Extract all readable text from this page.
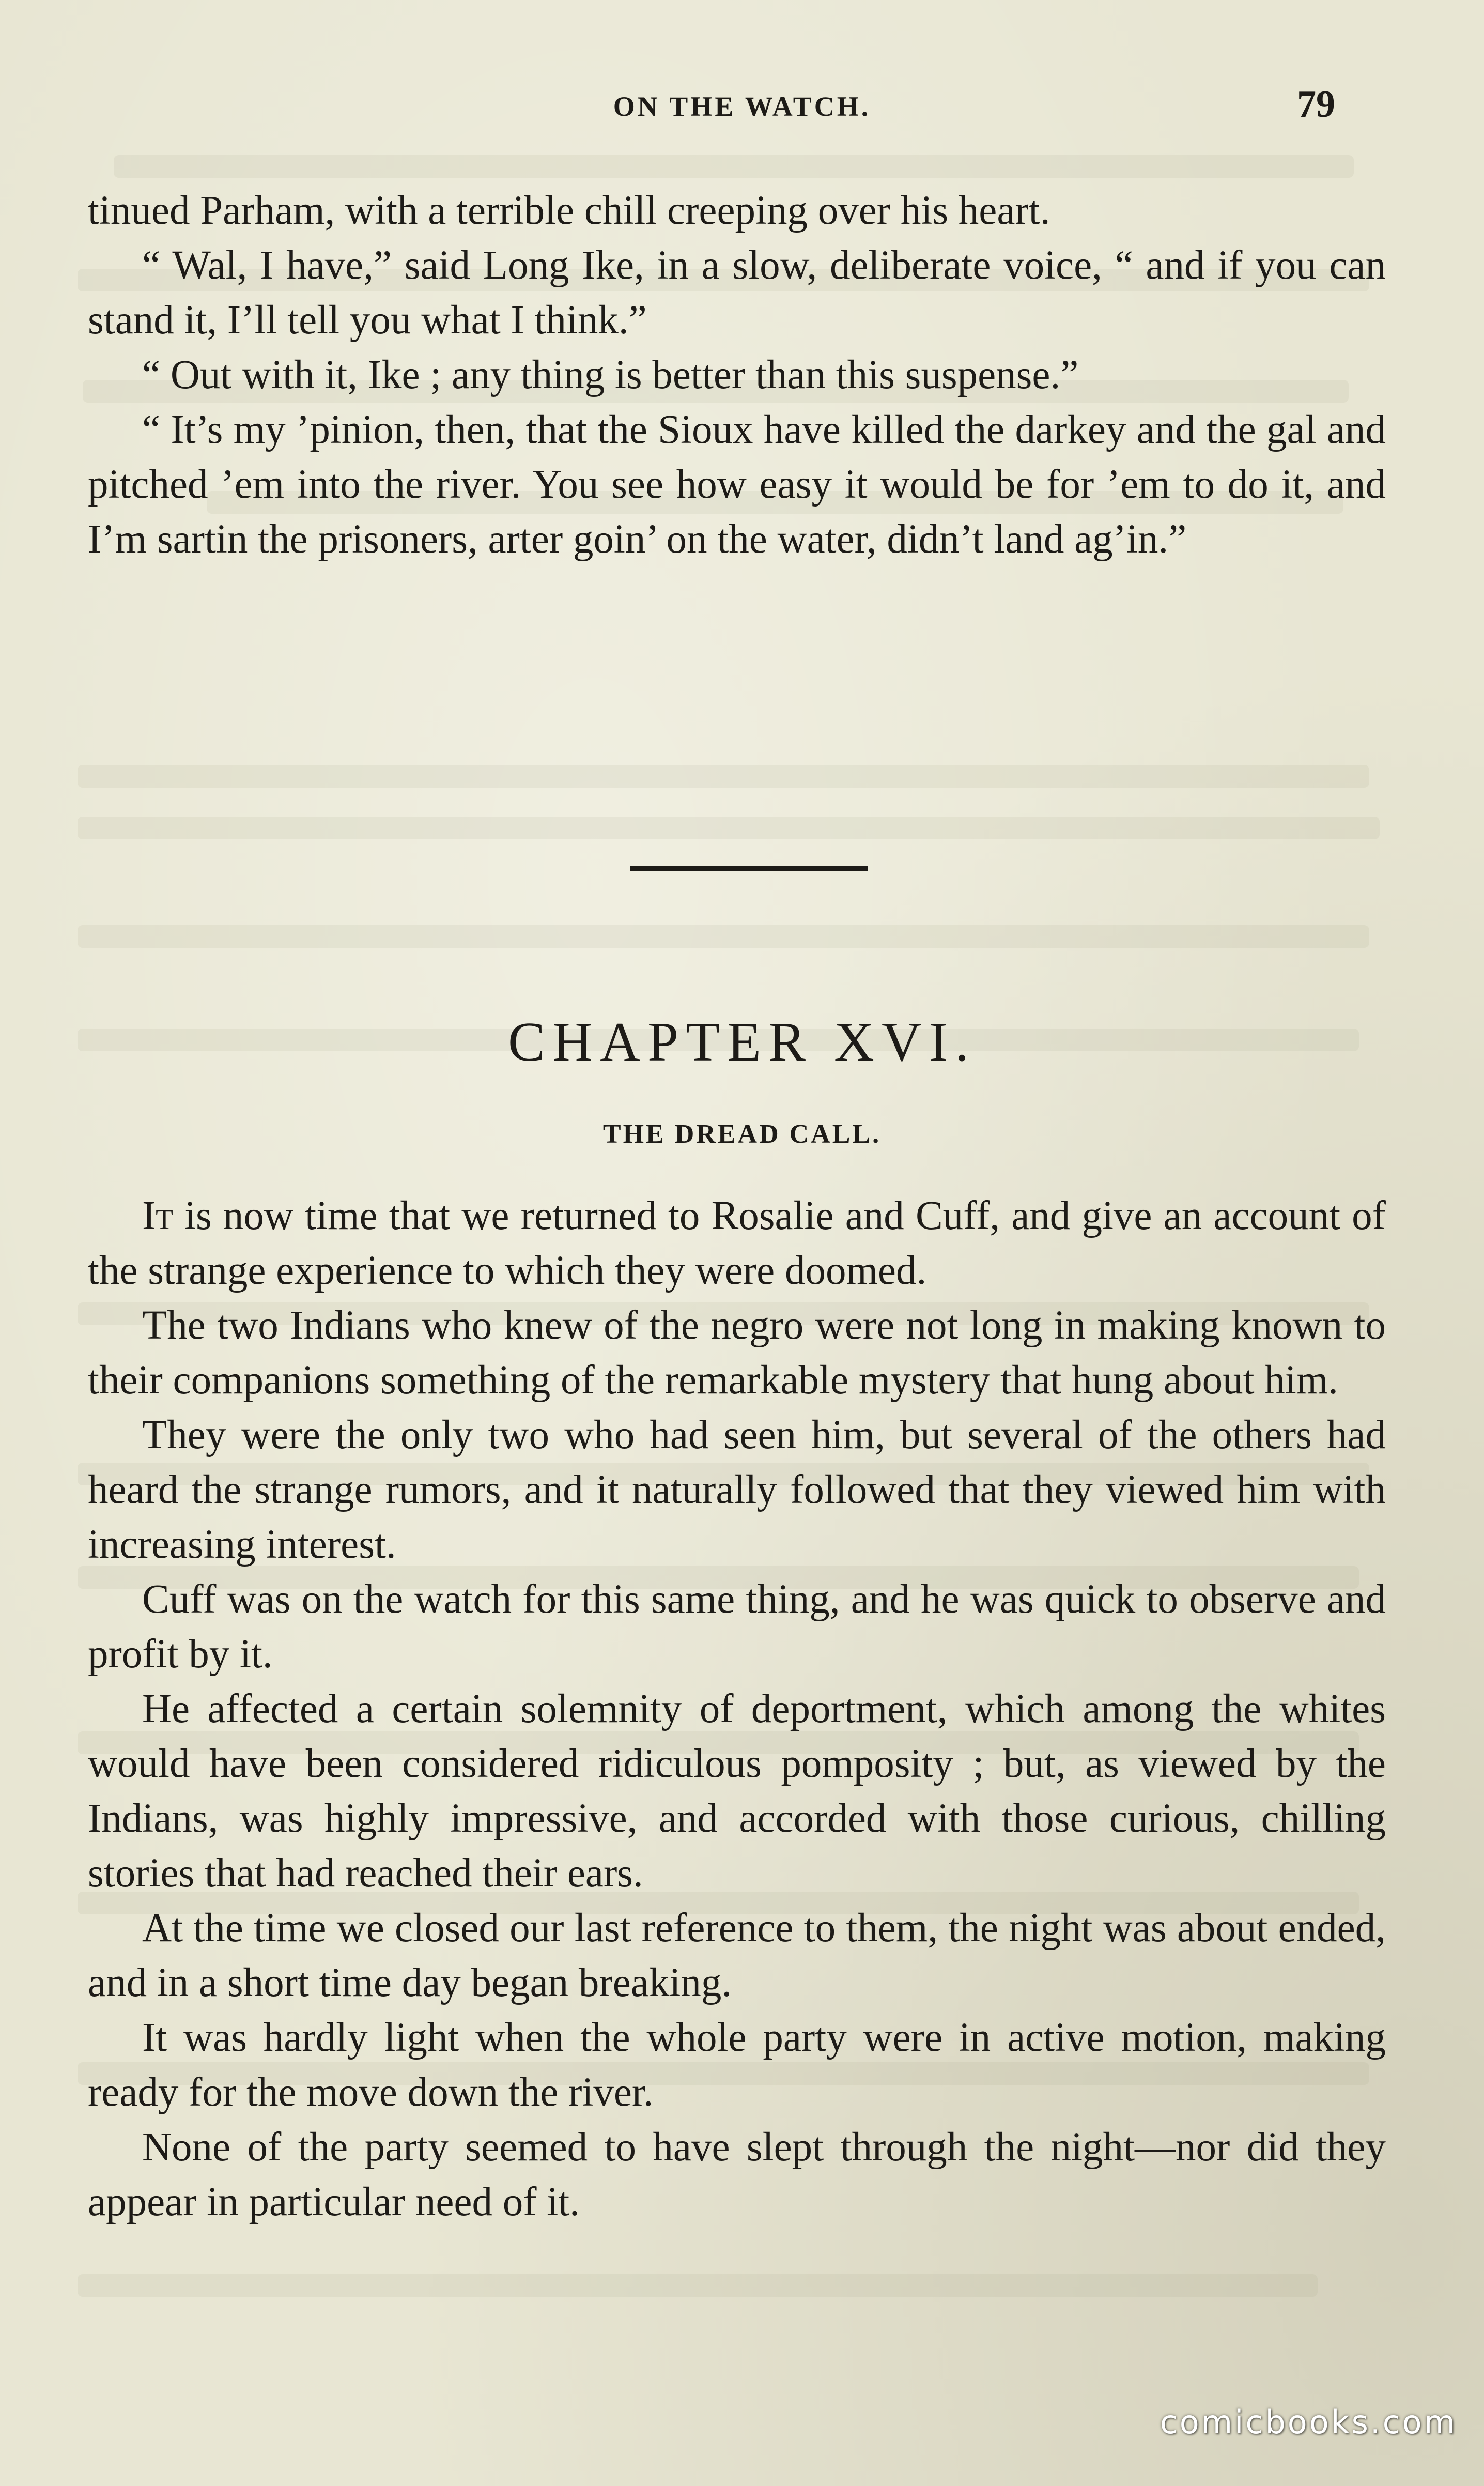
ON THE WATCH.	79

tinued Parham, with a terrible chill creeping over his heart.

“ Wal, I have,” said Long Ike, in a slow, deliberate voice, “ and if you can stand it, I’ll tell you what I think.”

“ Out with it, Ike ; any thing is better than this suspense.”

“ It’s my ’pinion, then, that the Sioux have killed the darkey and the gal and pitched ’em into the river. You see how easy it would be for ’em to do it, and I’m sartin the prisoners, arter goin’ on the water, didn’t land ag’in.”

CHAPTER XVI.
THE DREAD CALL.

It is now time that we returned to Rosalie and Cuff, and give an account of the strange experience to which they were doomed.

The two Indians who knew of the negro were not long in making known to their companions something of the remarkable mystery that hung about him.

They were the only two who had seen him, but several of the others had heard the strange rumors, and it naturally followed that they viewed him with increasing interest.

Cuff was on the watch for this same thing, and he was quick to observe and profit by it.

He affected a certain solemnity of deportment, which among the whites would have been considered ridiculous pomposity ; but, as viewed by the Indians, was highly impressive, and accorded with those curious, chilling stories that had reached their ears.

At the time we closed our last reference to them, the night was about ended, and in a short time day began breaking.

It was hardly light when the whole party were in active motion, making ready for the move down the river.

None of the party seemed to have slept through the night—nor did they appear in particular need of it.

comicbooks.com
